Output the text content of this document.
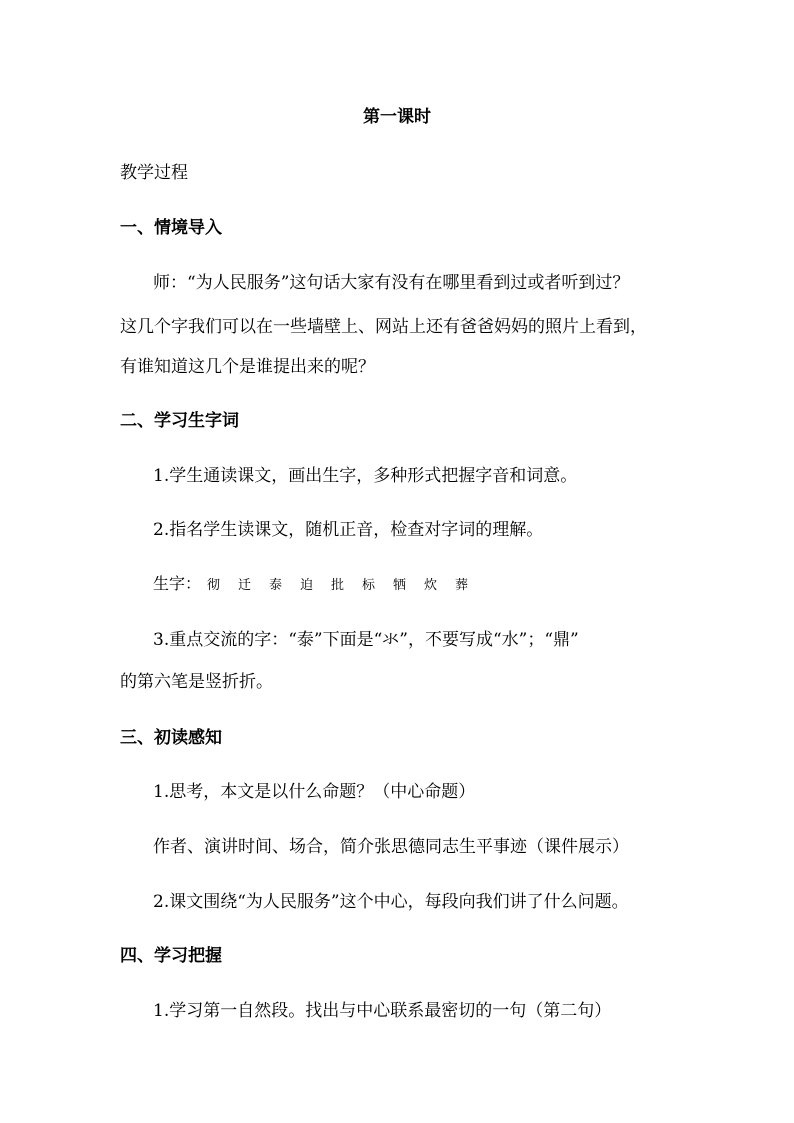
第一课时
教学过程
一、情境导入
师：“为人民服务”这句话大家有没有在哪里看到过或者听到过？
这几个字我们可以在一些墙壁上、网站上还有爸爸妈妈的照片上看到，
有谁知道这几个是谁提出来的呢？
二、学习生字词
1.学生通读课文，画出生字，多种形式把握字音和词意。
2.指名学生读课文，随机正音，检查对字词的理解。
生字： 彻 迁 泰 迫 批 标 牺 炊 葬
3.重点交流的字：“泰”下面是“氺”，不要写成“水”；“鼎”
的第六笔是竖折折。
三、初读感知
1.思考，本文是以什么命题？（中心命题）
作者、演讲时间、场合，简介张思德同志生平事迹（课件展示）
2.课文围绕“为人民服务”这个中心，每段向我们讲了什么问题。
四、学习把握
1.学习第一自然段。找出与中心联系最密切的一句（第二句）
